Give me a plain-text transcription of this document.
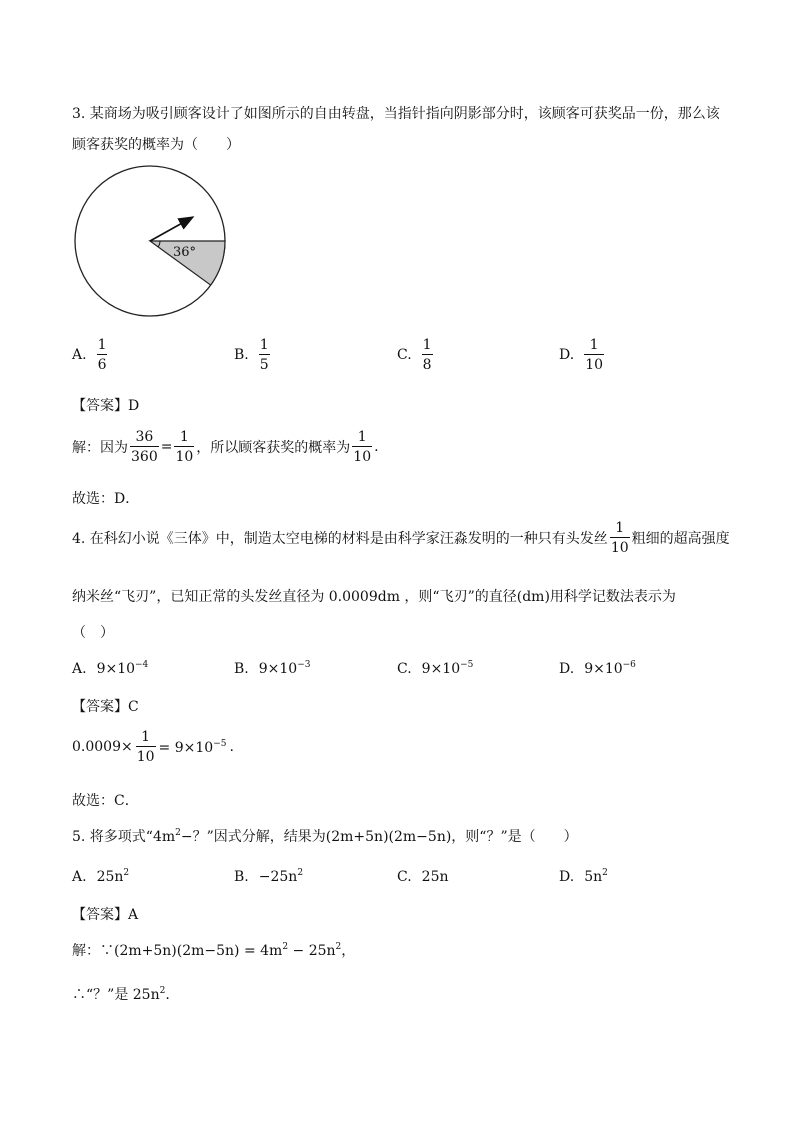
3. 某商场为吸引顾客设计了如图所示的自由转盘，当指针指向阴影部分时，该顾客可获奖品一份，那么该
顾客获奖的概率为（　　）
36°
A. $\frac{1}{6}$	B. $\frac{1}{5}$	C. $\frac{1}{8}$	D. $\frac{1}{10}$
【答案】D
解：因为 $\frac{36}{360} = \frac{1}{10}$ ，所以顾客获奖的概率为 $\frac{1}{10}$ .
故选：D．
4. 在科幻小说《三体》中，制造太空电梯的材料是由科学家汪淼发明的一种只有头发丝 $\frac{1}{10}$ 粗细的超高强度
纳米丝“飞刃”，已知正常的头发丝直径为 0.0009dm ，则“飞刃”的直径(dm)用科学记数法表示为
（　）
A. $9\times 10^{-4}$	B. $9\times 10^{-3}$	C. $9\times 10^{-5}$	D. $9\times 10^{-6}$
【答案】C
$0.0009\times \frac{1}{10} = 9\times 10^{-5}$ .
故选：C．
5. 将多项式“$4m^2-$？”因式分解，结果为(2m+5n)(2m−5n)，则“？”是（　　）
A. $25n^2$	B. $-25n^2$	C. 25n	D. $5n^2$
【答案】A
解：∵(2m+5n)(2m−5n) = $4m^2 - 25n^2$，
∴“？”是 $25n^2$.
